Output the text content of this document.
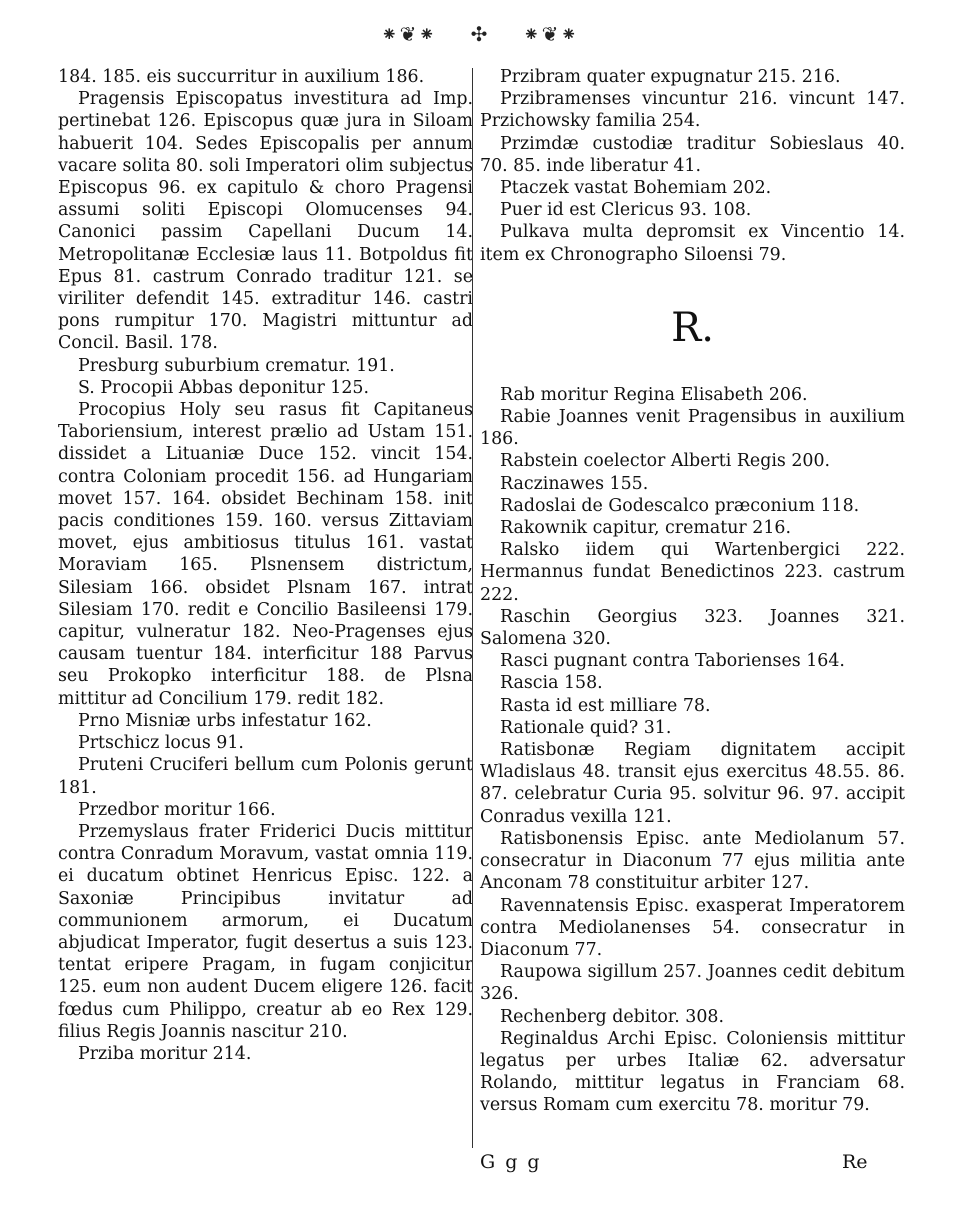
⁕❦⁕ ✣ ⁕❦⁕

184. 185. eis succurritur in auxilium 186.

Pragensis Episcopatus investitura ad Imp. pertinebat 126. Episcopus quæ jura in Siloam habuerit 104. Sedes Episcopalis per annum vacare solita 80. soli Imperatori olim subjectus Episcopus 96. ex capitulo & choro Pragensi assumi soliti Episcopi Olomucenses 94. Canonici passim Capellani Ducum 14. Metropolitanæ Ecclesiæ laus 11. Botpoldus fit Epus 81. castrum Conrado traditur 121. se viriliter defendit 145. extraditur 146. castri pons rumpitur 170. Magistri mittuntur ad Concil. Basil. 178.

Presburg suburbium crematur. 191.

S. Procopii Abbas deponitur 125.

Procopius Holy seu rasus fit Capitaneus Taboriensium, interest prælio ad Ustam 151. dissidet a Lituaniæ Duce 152. vincit 154. contra Coloniam procedit 156. ad Hungariam movet 157. 164. obsidet Bechinam 158. init pacis conditiones 159. 160. versus Zittaviam movet, ejus ambitiosus titulus 161. vastat Moraviam 165. Plsnensem districtum, Silesiam 166. obsidet Plsnam 167. intrat Silesiam 170. redit e Concilio Basileensi 179. capitur, vulneratur 182. Neo-Pragenses ejus causam tuentur 184. interficitur 188 Parvus seu Prokopko interficitur 188. de Plsna mittitur ad Concilium 179. redit 182.

Prno Misniæ urbs infestatur 162.

Prtschicz locus 91.

Pruteni Cruciferi bellum cum Polonis gerunt 181.

Przedbor moritur 166.

Przemyslaus frater Friderici Ducis mittitur contra Conradum Moravum, vastat omnia 119. ei ducatum obtinet Henricus Episc. 122. a Saxoniæ Principibus invitatur ad communionem armorum, ei Ducatum abjudicat Imperator, fugit desertus a suis 123. tentat eripere Pragam, in fugam conjicitur 125. eum non audent Ducem eligere 126. facit fœdus cum Philippo, creatur ab eo Rex 129. filius Regis Joannis nascitur 210.

Prziba moritur 214.

Przibram quater expugnatur 215. 216.

Przibramenses vincuntur 216. vincunt 147. Przichowsky familia 254.

Przimdæ custodiæ traditur Sobieslaus 40. 70. 85. inde liberatur 41.

Ptaczek vastat Bohemiam 202.

Puer id est Clericus 93. 108.

Pulkava multa depromsit ex Vincentio 14. item ex Chronographo Siloensi 79.

R.

Rab moritur Regina Elisabeth 206.

Rabie Joannes venit Pragensibus in auxilium 186.

Rabstein coelector Alberti Regis 200.

Raczinawes 155.

Radoslai de Godescalco præconium 118.

Rakownik capitur, crematur 216.

Ralsko iidem qui Wartenbergici 222. Hermannus fundat Benedictinos 223. castrum 222.

Raschin Georgius 323. Joannes 321. Salomena 320.

Rasci pugnant contra Taborienses 164.

Rascia 158.

Rasta id est milliare 78.

Rationale quid? 31.

Ratisbonæ Regiam dignitatem accipit Wladislaus 48. transit ejus exercitus 48.55. 86. 87. celebratur Curia 95. solvitur 96. 97. accipit Conradus vexilla 121.

Ratisbonensis Episc. ante Mediolanum 57. consecratur in Diaconum 77 ejus militia ante Anconam 78 constituitur arbiter 127.

Ravennatensis Episc. exasperat Imperatorem contra Mediolanenses 54. consecratur in Diaconum 77.

Raupowa sigillum 257. Joannes cedit debitum 326.

Rechenberg debitor. 308.

Reginaldus Archi Episc. Coloniensis mittitur legatus per urbes Italiæ 62. adversatur Rolando, mittitur legatus in Franciam 68. versus Romam cum exercitu 78. moritur 79.

G g g	Re
